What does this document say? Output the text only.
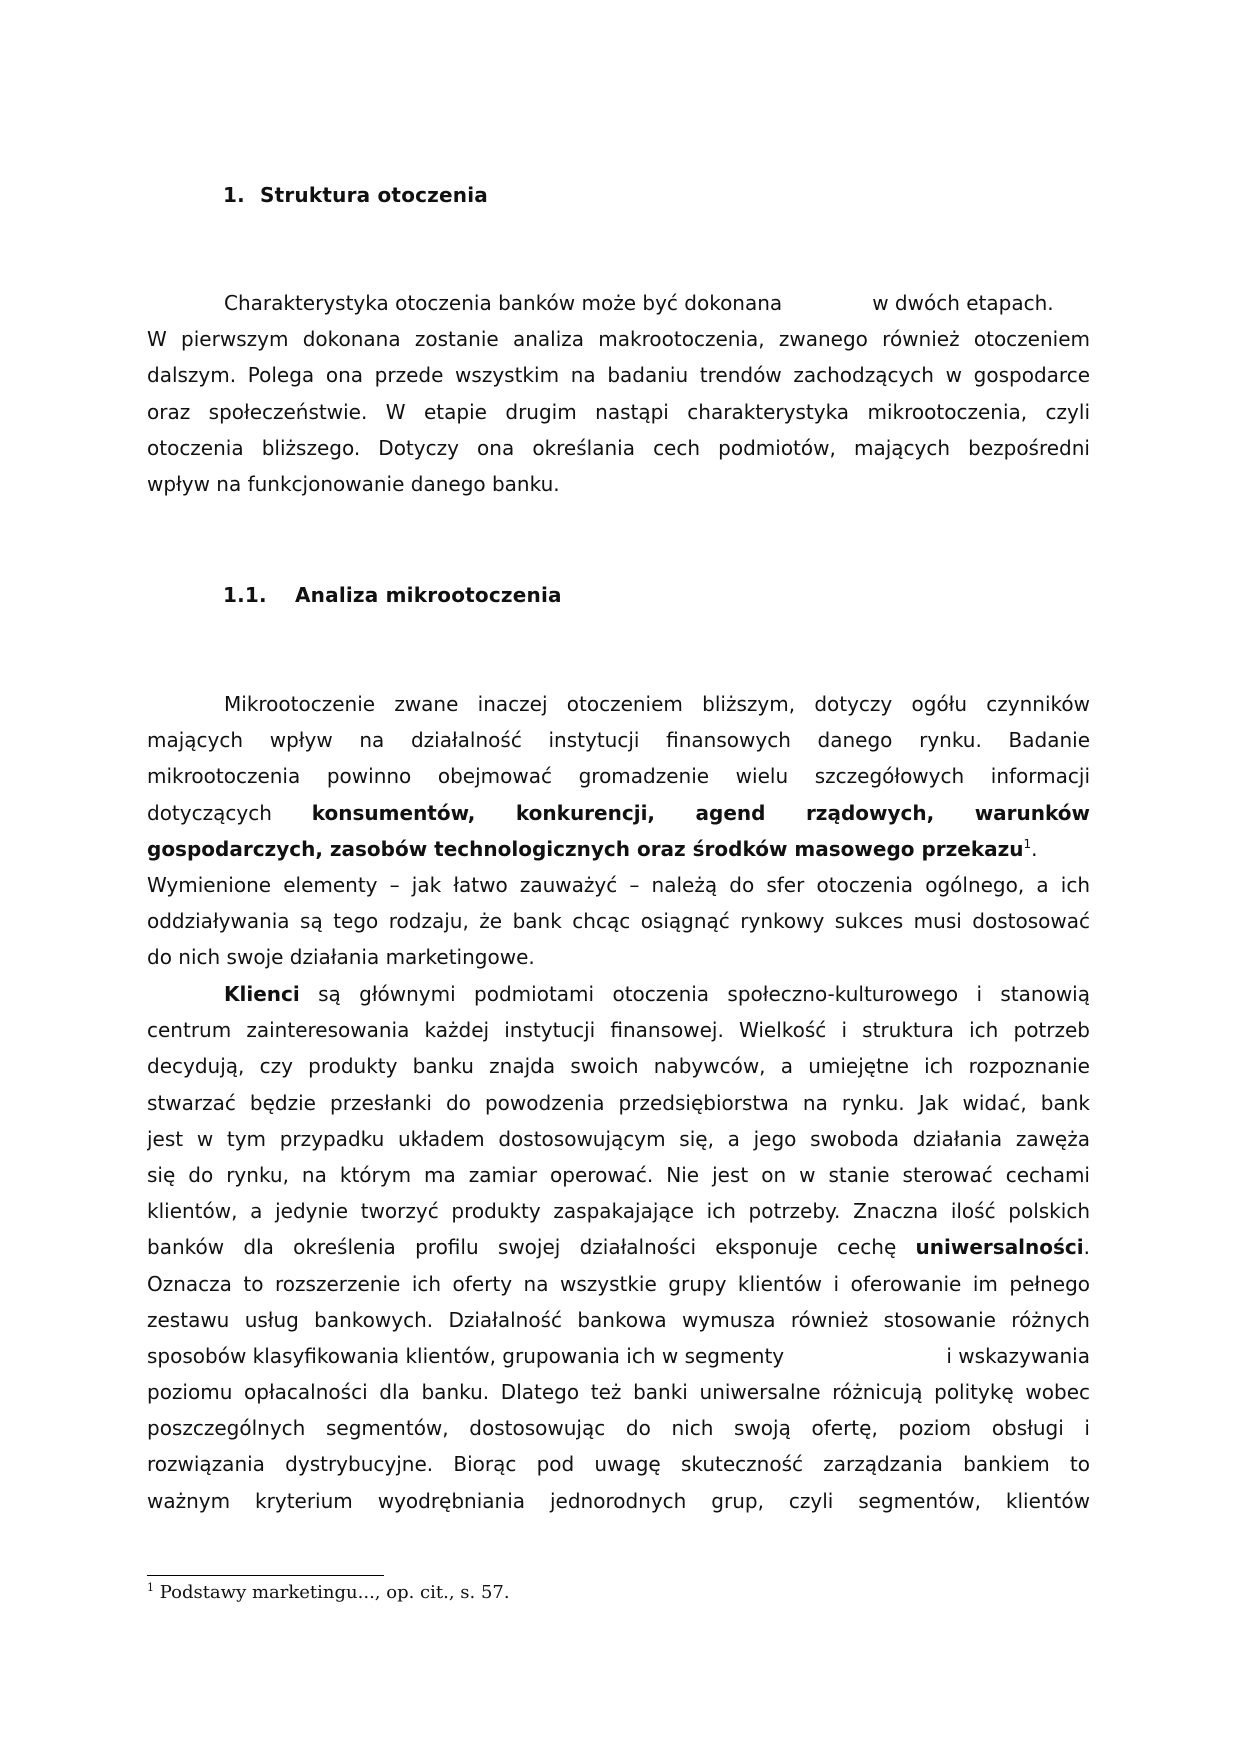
1. Struktura otoczenia
Charakterystyka otoczenia banków może być dokonana	w dwóch etapach.
W pierwszym dokonana zostanie analiza makrootoczenia, zwanego również otoczeniem
dalszym. Polega ona przede wszystkim na badaniu trendów zachodzących w gospodarce
oraz społeczeństwie. W etapie drugim nastąpi charakterystyka mikrootoczenia, czyli
otoczenia bliższego. Dotyczy ona określania cech podmiotów, mających bezpośredni
wpływ na funkcjonowanie danego banku.
1.1. Analiza mikrootoczenia
Mikrootoczenie zwane inaczej otoczeniem bliższym, dotyczy ogółu czynników
mających wpływ na działalność instytucji finansowych danego rynku. Badanie
mikrootoczenia powinno obejmować gromadzenie wielu szczegółowych informacji
dotyczących konsumentów, konkurencji, agend rządowych, warunków
gospodarczych, zasobów technologicznych oraz środków masowego przekazu$^1$.
Wymienione elementy – jak łatwo zauważyć – należą do sfer otoczenia ogólnego, a ich
oddziaływania są tego rodzaju, że bank chcąc osiągnąć rynkowy sukces musi dostosować
do nich swoje działania marketingowe.
Klienci są głównymi podmiotami otoczenia społeczno-kulturowego i stanowią
centrum zainteresowania każdej instytucji finansowej. Wielkość i struktura ich potrzeb
decydują, czy produkty banku znajda swoich nabywców, a umiejętne ich rozpoznanie
stwarzać będzie przesłanki do powodzenia przedsiębiorstwa na rynku. Jak widać, bank
jest w tym przypadku układem dostosowującym się, a jego swoboda działania zawęża
się do rynku, na którym ma zamiar operować. Nie jest on w stanie sterować cechami
klientów, a jedynie tworzyć produkty zaspakajające ich potrzeby. Znaczna ilość polskich
banków dla określenia profilu swojej działalności eksponuje cechę uniwersalności.
Oznacza to rozszerzenie ich oferty na wszystkie grupy klientów i oferowanie im pełnego
zestawu usług bankowych. Działalność bankowa wymusza również stosowanie różnych
sposobów klasyfikowania klientów, grupowania ich w segmenty	i wskazywania
poziomu opłacalności dla banku. Dlatego też banki uniwersalne różnicują politykę wobec
poszczególnych segmentów, dostosowując do nich swoją ofertę, poziom obsługi i
rozwiązania dystrybucyjne. Biorąc pod uwagę skuteczność zarządzania bankiem to
ważnym kryterium wyodrębniania jednorodnych grup, czyli segmentów, klientów
$^1$ Podstawy marketingu..., op. cit., s. 57.
